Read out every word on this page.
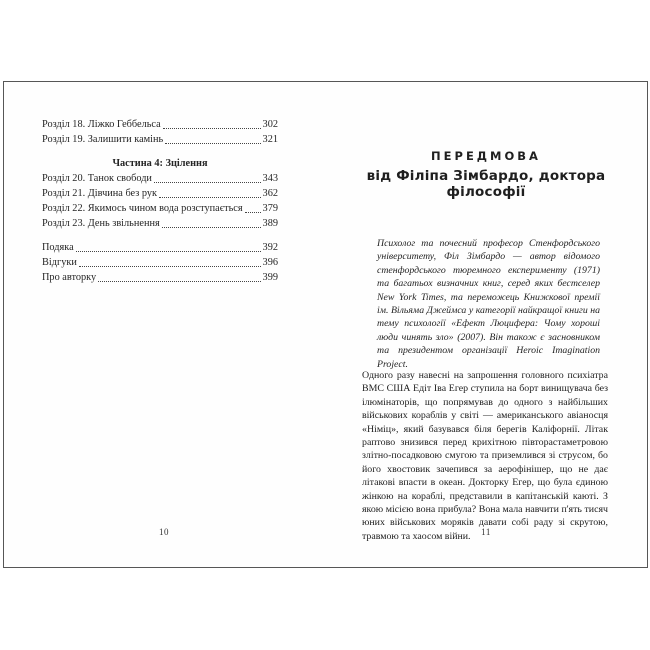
Розділ 18. Ліжко Геббельса	302
Розділ 19. Залишити камінь	321
Частина 4: Зцілення
Розділ 20. Танок свободи	343
Розділ 21. Дівчина без рук	362
Розділ 22. Якимось чином вода розступається 379
Розділ 23. День звільнення	389
Подяка	392
Відгуки	396
Про авторку	399
ПЕРЕДМОВА
від Філіпа Зімбардо, доктора філософії
Психолог та почесний професор Стенфордського університету, Філ Зімбардо — автор відомого стенфордського тюремного експерименту (1971) та багатьох визначних книг, серед яких бестселер New York Times, та переможець Книжкової премії ім. Вільяма Джеймса у категорії найкращої книги на тему психології «Ефект Люцифера: Чому хороші люди чинять зло» (2007). Він також є засновником та президентом організації Heroic Imagination Project.
Одного разу навесні на запрошення головного психіатра ВМС США Едіт Іва Егер ступила на борт винищувача без ілюмінаторів, що попрямував до одного з найбільших військових кораблів у світі — американського авіаносця «Німіц», який базувався біля берегів Каліфорнії. Літак раптово знизився перед крихітною півторастаметровою злітно-посадковою смугою та приземлився зі струсом, бо його хвостовик зачепився за аерофінішер, що не дає літакові впасти в океан. Докторку Егер, що була єдиною жінкою на кораблі, представили в капітанській каюті. З якою місією вона прибула? Вона мала навчити п'ять тисяч юних військових моряків давати собі раду зі скрутою, травмою та хаосом війни.
10	11
